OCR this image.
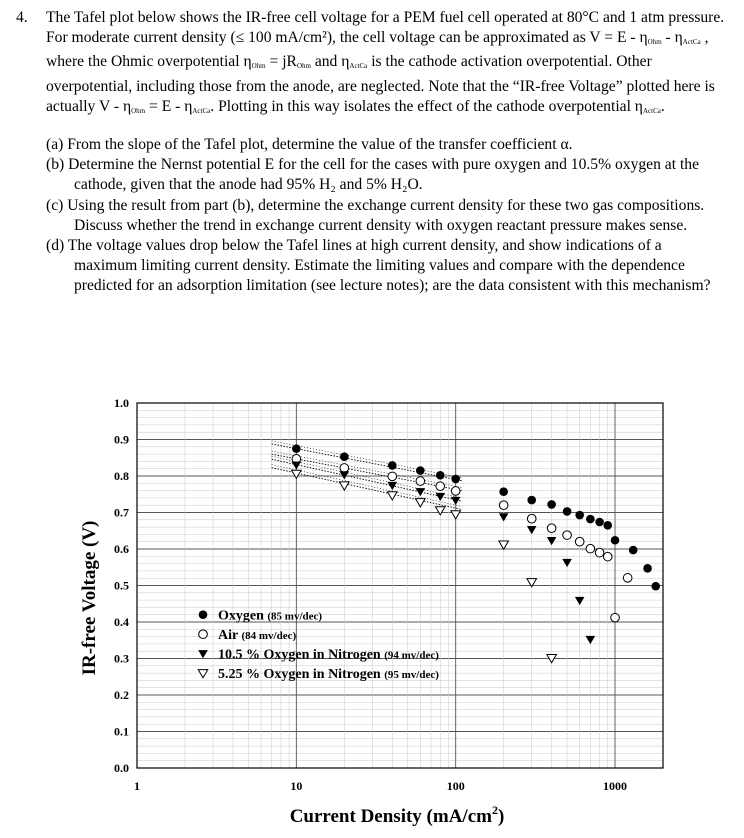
4. The Tafel plot below shows the IR-free cell voltage for a PEM fuel cell operated at 80°C and 1 atm pressure. For moderate current density (≤ 100 mA/cm²), the cell voltage can be approximated as $V = E - \eta_{Ohm} - \eta_{ActCa}$ , where the Ohmic overpotential $\eta_{Ohm} = jR_{Ohm}$ and $\eta_{ActCa}$ is the cathode activation overpotential. Other overpotential, including those from the anode, are neglected. Note that the “IR-free Voltage” plotted here is actually $V - \eta_{Ohm} = E - \eta_{ActCa}$. Plotting in this way isolates the effect of the cathode overpotential $\eta_{ActCa}$.
(a) From the slope of the Tafel plot, determine the value of the transfer coefficient α.
(b) Determine the Nernst potential E for the cell for the cases with pure oxygen and 10.5% oxygen at the cathode, given that the anode had 95% H₂ and 5% H₂O.
(c) Using the result from part (b), determine the exchange current density for these two gas compositions. Discuss whether the trend in exchange current density with oxygen reactant pressure makes sense.
(d) The voltage values drop below the Tafel lines at high current density, and show indications of a maximum limiting current density. Estimate the limiting values and compare with the dependence predicted for an adsorption limitation (see lecture notes); are the data consistent with this mechanism?
0.0
0.1
0.2
0.3
0.4
0.5
0.6
0.7
0.8
0.9
1.0
1	10	100	1000
Oxygen (85 mv/dec)
Air (84 mv/dec)
10.5 % Oxygen in Nitrogen (94 mv/dec)
5.25 % Oxygen in Nitrogen (95 mv/dec)
IR-free Voltage (V)
Current Density $(mA/cm^2)$
